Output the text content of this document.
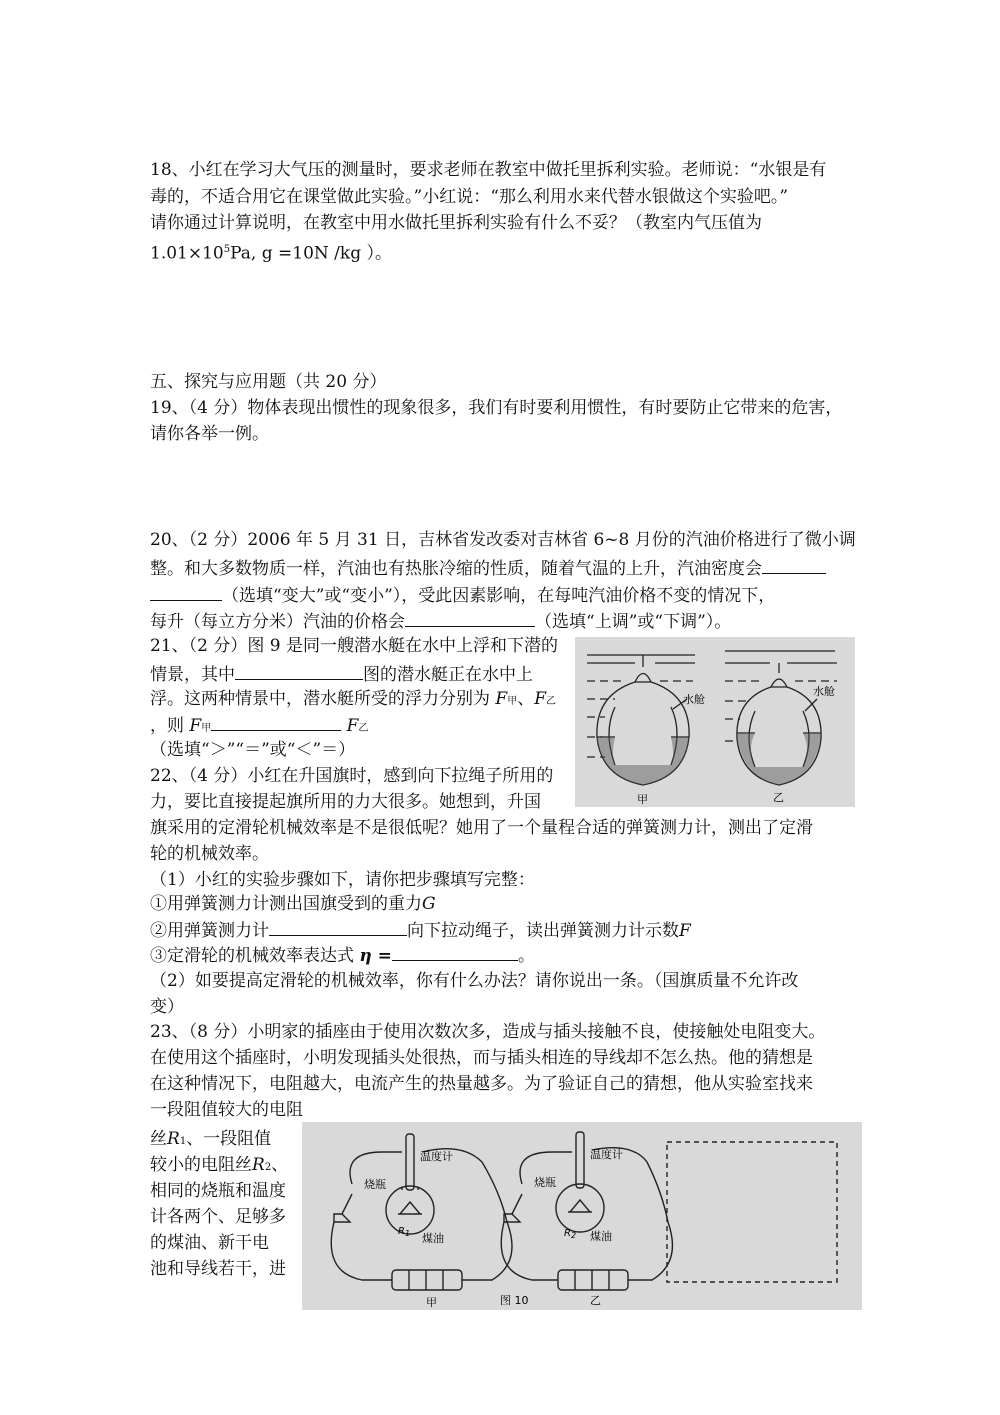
18、小红在学习大气压的测量时，要求老师在教室中做托里拆利实验。老师说：“水银是有
毒的，不适合用它在课堂做此实验。”小红说：“那么利用水来代替水银做这个实验吧。”
请你通过计算说明，在教室中用水做托里拆利实验有什么不妥？（教室内气压值为
$1.01\times 10^5Pa$, g =10N /kg ）。
五、探究与应用题（共 20 分）
19、（4 分）物体表现出惯性的现象很多，我们有时要利用惯性，有时要防止它带来的危害，
请你各举一例。
20、（2 分）2006 年 5 月 31 日，吉林省发改委对吉林省 6~8 月份的汽油价格进行了微小调
整。和大多数物质一样，汽油也有热胀冷缩的性质，随着气温的上升，汽油密度会
（选填“变大”或“变小”），受此因素影响，在每吨汽油价格不变的情况下，
每升（每立方分米）汽油的价格会	（选填“上调”或“下调”）。
21、（2 分）图 9 是同一艘潜水艇在水中上浮和下潜的
情景，其中	图的潜水艇正在水中上
浮。这两种情景中，潜水艇所受的浮力分别为 F甲、F乙
，则 F甲	F乙
（选填“＞”“＝”或“＜”＝）
水舱
水舱
甲	乙
22、（4 分）小红在升国旗时，感到向下拉绳子所用的
力，要比直接提起旗所用的力大很多。她想到，升国
旗采用的定滑轮机械效率是不是很低呢？她用了一个量程合适的弹簧测力计，测出了定滑
轮的机械效率。
（1）小红的实验步骤如下，请你把步骤填写完整：
①用弹簧测力计测出国旗受到的重力G
②用弹簧测力计	向下拉动绳子，读出弹簧测力计示数F
③定滑轮的机械效率表达式 η =	。
（2）如要提高定滑轮的机械效率，你有什么办法？请你说出一条。（国旗质量不允许改
变）
23、（8 分）小明家的插座由于使用次数次多，造成与插头接触不良，使接触处电阻变大。
在使用这个插座时，小明发现插头处很热，而与插头相连的导线却不怎么热。他的猜想是
在这种情况下，电阻越大，电流产生的热量越多。为了验证自己的猜想，他从实验室找来
一段阻值较大的电阻
丝R1、一段阻值
较小的电阻丝R2、
相同的烧瓶和温度
计各两个、足够多
的煤油、新干电
池和导线若干，进
温度计
烧瓶
煤油
$R_1$
温度计
烧瓶
煤油
$R_2$
甲	乙
图 10
